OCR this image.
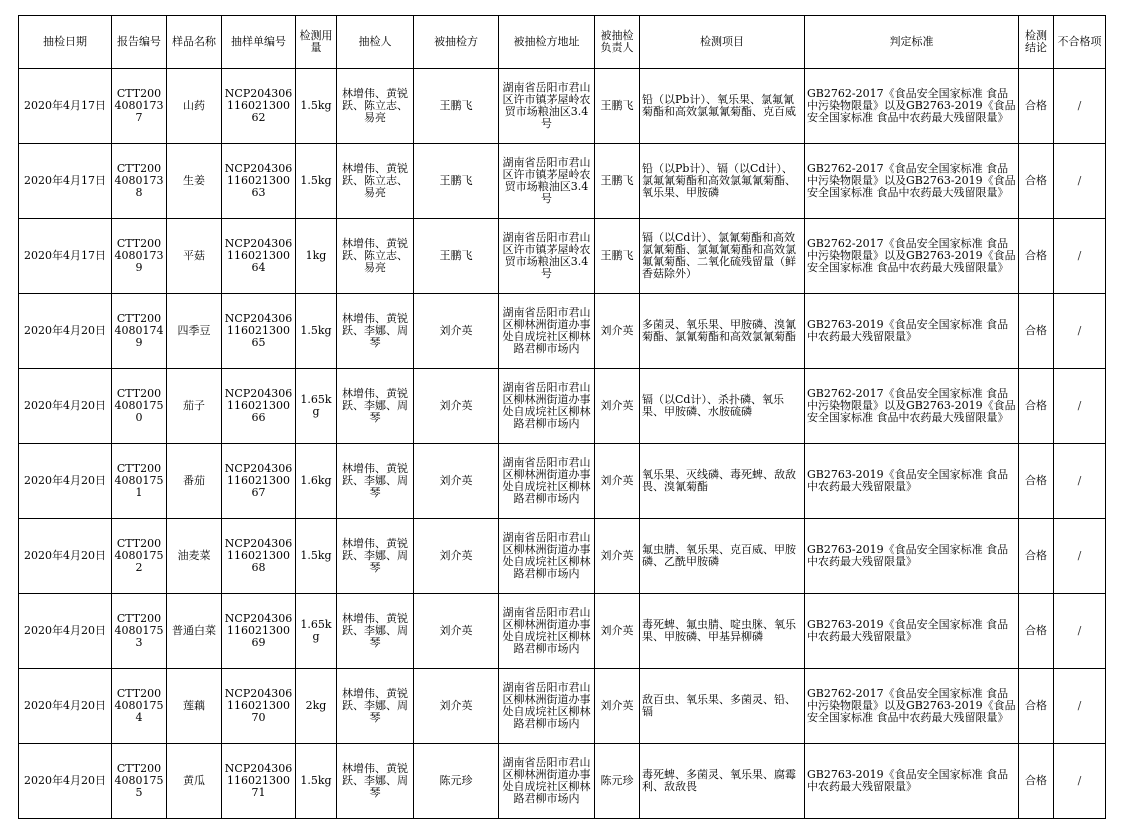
抽检日期	报告编号	样品名称	抽样单编号	检测用量	抽检人	被抽检方	被抽检方地址	被抽检负责人	检测项目	判定标准	检测结论	不合格项
2020年4月17日	CTT20040801737	山药	NCP20430611602130062	1.5kg	林增伟、黄锐跃、陈立志、易亮	王鹏飞	湖南省岳阳市君山区许市镇茅屋岭农贸市场粮油区3.4号	王鹏飞	铅（以Pb计）、氧乐果、氯氟氰菊酯和高效氯氟氰菊酯、克百威	GB2762-2017《食品安全国家标准 食品中污染物限量》以及GB2763-2019《食品安全国家标准 食品中农药最大残留限量》	合格	/
2020年4月17日	CTT20040801738	生姜	NCP20430611602130063	1.5kg	林增伟、黄锐跃、陈立志、易亮	王鹏飞	湖南省岳阳市君山区许市镇茅屋岭农贸市场粮油区3.4号	王鹏飞	铅（以Pb计）、镉（以Cd计）、氯氟氰菊酯和高效氯氟氰菊酯、氧乐果、甲胺磷	GB2762-2017《食品安全国家标准 食品中污染物限量》以及GB2763-2019《食品安全国家标准 食品中农药最大残留限量》	合格	/
2020年4月17日	CTT20040801739	平菇	NCP20430611602130064	1kg	林增伟、黄锐跃、陈立志、易亮	王鹏飞	湖南省岳阳市君山区许市镇茅屋岭农贸市场粮油区3.4号	王鹏飞	镉（以Cd计）、氯氰菊酯和高效氯氰菊酯、氯氟氰菊酯和高效氯氟氰菊酯、二氧化硫残留量（鲜香菇除外）	GB2762-2017《食品安全国家标准 食品中污染物限量》以及GB2763-2019《食品安全国家标准 食品中农药最大残留限量》	合格	/
2020年4月20日	CTT20040801749	四季豆	NCP20430611602130065	1.5kg	林增伟、黄锐跃、李娜、周琴	刘介英	湖南省岳阳市君山区柳林洲街道办事处自成垸社区柳林路君柳市场内	刘介英	多菌灵、氧乐果、甲胺磷、溴氰菊酯、氯氰菊酯和高效氯氰菊酯	GB2763-2019《食品安全国家标准 食品中农药最大残留限量》	合格	/
2020年4月20日	CTT20040801750	茄子	NCP20430611602130066	1.65kg	林增伟、黄锐跃、李娜、周琴	刘介英	湖南省岳阳市君山区柳林洲街道办事处自成垸社区柳林路君柳市场内	刘介英	镉（以Cd计）、杀扑磷、氧乐果、甲胺磷、水胺硫磷	GB2762-2017《食品安全国家标准 食品中污染物限量》以及GB2763-2019《食品安全国家标准 食品中农药最大残留限量》	合格	/
2020年4月20日	CTT20040801751	番茄	NCP20430611602130067	1.6kg	林增伟、黄锐跃、李娜、周琴	刘介英	湖南省岳阳市君山区柳林洲街道办事处自成垸社区柳林路君柳市场内	刘介英	氧乐果、灭线磷、毒死蜱、敌敌畏、溴氰菊酯	GB2763-2019《食品安全国家标准 食品中农药最大残留限量》	合格	/
2020年4月20日	CTT20040801752	油麦菜	NCP20430611602130068	1.5kg	林增伟、黄锐跃、李娜、周琴	刘介英	湖南省岳阳市君山区柳林洲街道办事处自成垸社区柳林路君柳市场内	刘介英	氟虫腈、氧乐果、克百威、甲胺磷、乙酰甲胺磷	GB2763-2019《食品安全国家标准 食品中农药最大残留限量》	合格	/
2020年4月20日	CTT20040801753	普通白菜	NCP20430611602130069	1.65kg	林增伟、黄锐跃、李娜、周琴	刘介英	湖南省岳阳市君山区柳林洲街道办事处自成垸社区柳林路君柳市场内	刘介英	毒死蜱、氟虫腈、啶虫脒、氧乐果、甲胺磷、甲基异柳磷	GB2763-2019《食品安全国家标准 食品中农药最大残留限量》	合格	/
2020年4月20日	CTT20040801754	莲藕	NCP20430611602130070	2kg	林增伟、黄锐跃、李娜、周琴	刘介英	湖南省岳阳市君山区柳林洲街道办事处自成垸社区柳林路君柳市场内	刘介英	敌百虫、氧乐果、多菌灵、铅、镉	GB2762-2017《食品安全国家标准 食品中污染物限量》以及GB2763-2019《食品安全国家标准 食品中农药最大残留限量》	合格	/
2020年4月20日	CTT20040801755	黄瓜	NCP20430611602130071	1.5kg	林增伟、黄锐跃、李娜、周琴	陈元珍	湖南省岳阳市君山区柳林洲街道办事处自成垸社区柳林路君柳市场内	陈元珍	毒死蜱、多菌灵、氧乐果、腐霉利、敌敌畏	GB2763-2019《食品安全国家标准 食品中农药最大残留限量》	合格	/
